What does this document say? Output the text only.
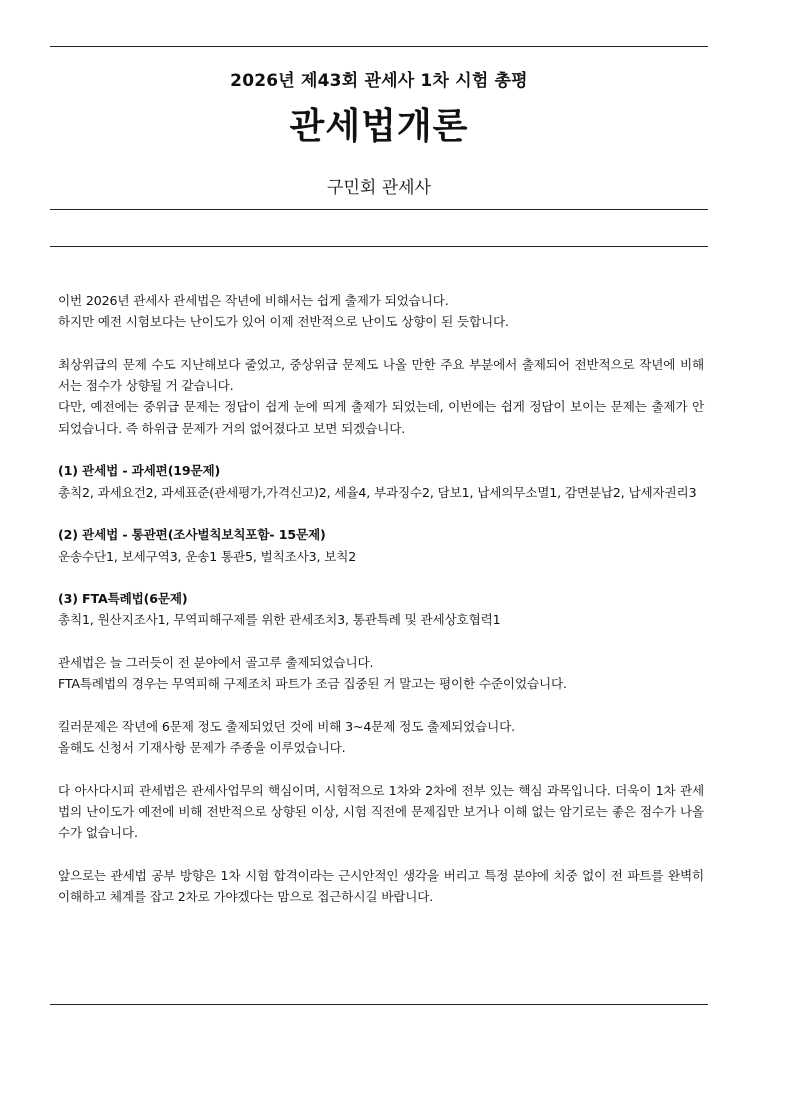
2026년 제43회 관세사 1차 시험 총평
관세법개론
구민회 관세사

이번 2026년 관세사 관세법은 작년에 비해서는 쉽게 출제가 되었습니다.
하지만 예전 시험보다는 난이도가 있어 이제 전반적으로 난이도 상향이 된 듯합니다.

최상위급의 문제 수도 지난해보다 줄었고, 중상위급 문제도 나올 만한 주요 부분에서 출제되어 전반적으로 작년에 비해서는 점수가 상향될 거 같습니다.

다만, 예전에는 중위급 문제는 정답이 쉽게 눈에 띄게 출제가 되었는데, 이번에는 쉽게 정답이 보이는 문제는 출제가 안되었습니다. 즉 하위급 문제가 거의 없어졌다고 보면 되겠습니다.

(1) 관세법 - 과세편(19문제)
총칙2, 과세요건2, 과세표준(관세평가,가격신고)2, 세율4, 부과징수2, 담보1, 납세의무소멸1, 감면분납2, 납세자권리3

(2) 관세법 - 통관편(조사벌칙보칙포함- 15문제)
운송수단1, 보세구역3, 운송1 통관5, 벌칙조사3, 보칙2

(3) FTA특례법(6문제)
총칙1, 원산지조사1, 무역피해구제를 위한 관세조치3, 통관특례 및 관세상호협력1

관세법은 늘 그러듯이 전 분야에서 골고루 출제되었습니다.
FTA특례법의 경우는 무역피해 구제조치 파트가 조금 집중된 거 말고는 평이한 수준이었습니다.

킬러문제은 작년에 6문제 정도 출제되었던 것에 비해 3~4문제 정도 출제되었습니다.
올해도 신청서 기재사항 문제가 주종을 이루었습니다.

다 아사다시피 관세법은 관세사업무의 핵심이며, 시험적으로 1차와 2차에 전부 있는 핵심 과목입니다. 더욱이 1차 관세법의 난이도가 예전에 비해 전반적으로 상향된 이상, 시험 직전에 문제집만 보거나 이해 없는 암기로는 좋은 점수가 나올 수가 없습니다.

앞으로는 관세법 공부 방향은 1차 시험 합격이라는 근시안적인 생각을 버리고 특정 분야에 치중 없이 전 파트를 완벽히 이해하고 체계를 잡고 2차로 가야겠다는 맘으로 접근하시길 바랍니다.
